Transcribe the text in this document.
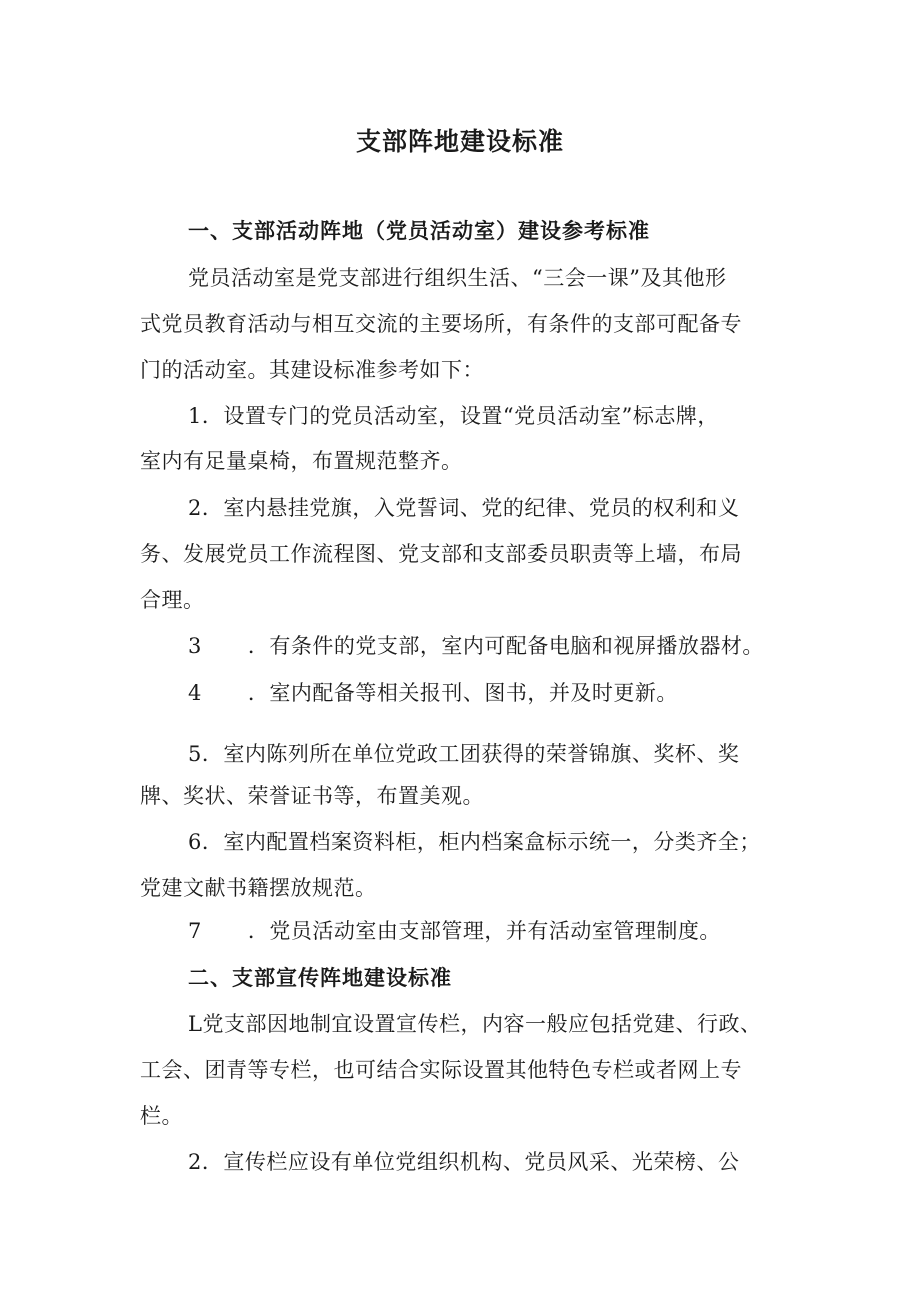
支部阵地建设标准
一、支部活动阵地（党员活动室）建设参考标准
党员活动室是党支部进行组织生活、“三会一课”及其他形
式党员教育活动与相互交流的主要场所，有条件的支部可配备专
门的活动室。其建设标准参考如下：
1．设置专门的党员活动室，设置“党员活动室”标志牌，
室内有足量桌椅，布置规范整齐。
2．室内悬挂党旗，入党誓词、党的纪律、党员的权利和义
务、发展党员工作流程图、党支部和支部委员职责等上墙，布局
合理。
3 ．有条件的党支部，室内可配备电脑和视屏播放器材。
4 ．室内配备等相关报刊、图书，并及时更新。
5．室内陈列所在单位党政工团获得的荣誉锦旗、奖杯、奖
牌、奖状、荣誉证书等，布置美观。
6．室内配置档案资料柜，柜内档案盒标示统一，分类齐全；
党建文献书籍摆放规范。
7 ．党员活动室由支部管理，并有活动室管理制度。
二、支部宣传阵地建设标准
L党支部因地制宜设置宣传栏，内容一般应包括党建、行政、
工会、团青等专栏，也可结合实际设置其他特色专栏或者网上专
栏。
2．宣传栏应设有单位党组织机构、党员风采、光荣榜、公
